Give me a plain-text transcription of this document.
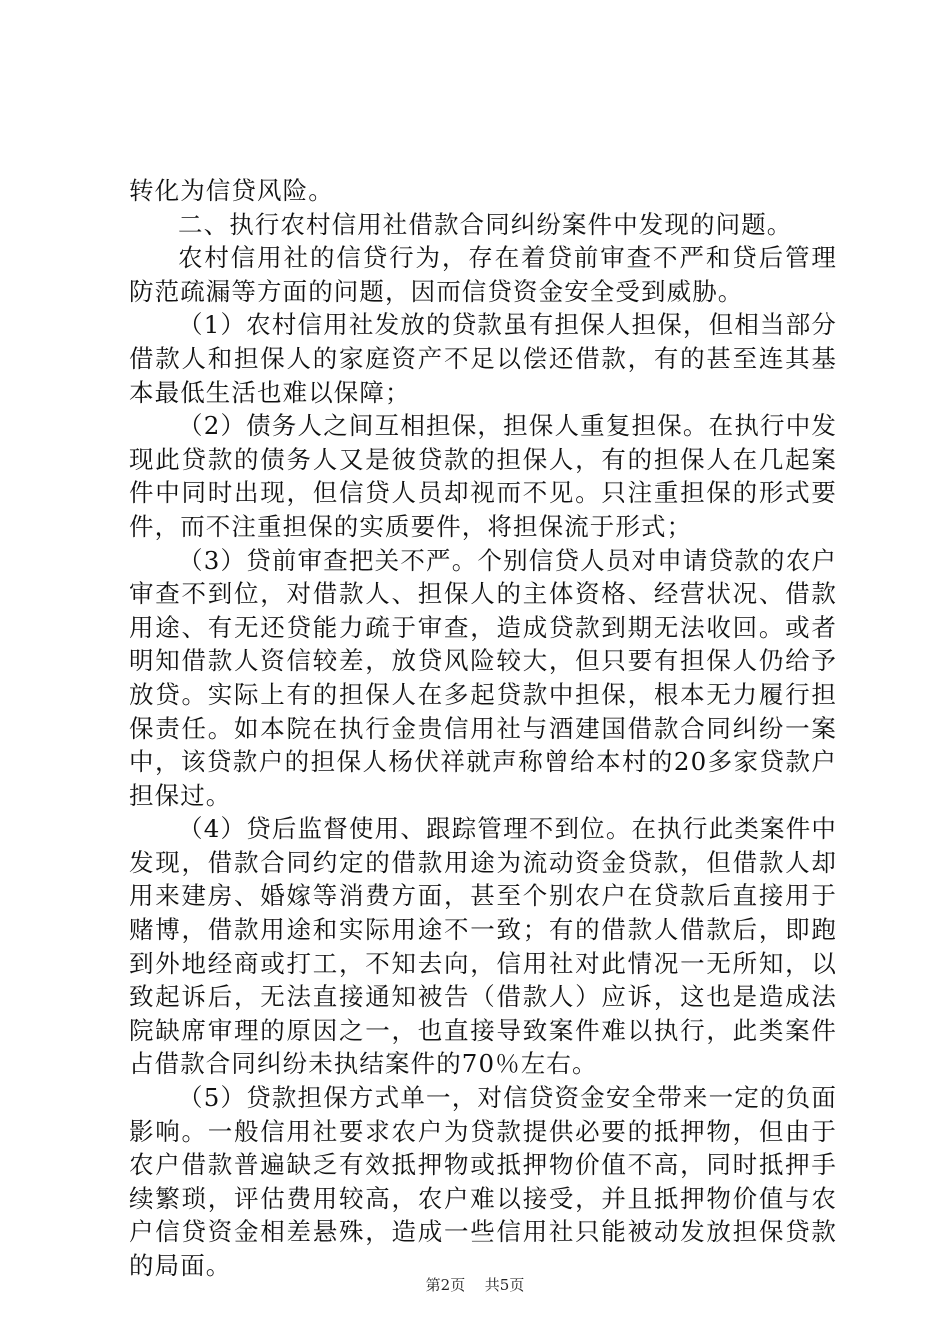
转化为信贷风险。

二、执行农村信用社借款合同纠纷案件中发现的问题。

农村信用社的信贷行为，存在着贷前审查不严和贷后管理防范疏漏等方面的问题，因而信贷资金安全受到威胁。

（1）农村信用社发放的贷款虽有担保人担保，但相当部分借款人和担保人的家庭资产不足以偿还借款，有的甚至连其基本最低生活也难以保障；

（2）债务人之间互相担保，担保人重复担保。在执行中发现此贷款的债务人又是彼贷款的担保人，有的担保人在几起案件中同时出现，但信贷人员却视而不见。只注重担保的形式要件，而不注重担保的实质要件，将担保流于形式；

（3）贷前审查把关不严。个别信贷人员对申请贷款的农户审查不到位，对借款人、担保人的主体资格、经营状况、借款用途、有无还贷能力疏于审查，造成贷款到期无法收回。或者明知借款人资信较差，放贷风险较大，但只要有担保人仍给予放贷。实际上有的担保人在多起贷款中担保，根本无力履行担保责任。如本院在执行金贵信用社与酒建国借款合同纠纷一案中，该贷款户的担保人杨伏祥就声称曾给本村的20多家贷款户担保过。

（4）贷后监督使用、跟踪管理不到位。在执行此类案件中发现，借款合同约定的借款用途为流动资金贷款，但借款人却用来建房、婚嫁等消费方面，甚至个别农户在贷款后直接用于赌博，借款用途和实际用途不一致；有的借款人借款后，即跑到外地经商或打工，不知去向，信用社对此情况一无所知，以致起诉后，无法直接通知被告（借款人）应诉，这也是造成法院缺席审理的原因之一，也直接导致案件难以执行，此类案件占借款合同纠纷未执结案件的70％左右。

（5）贷款担保方式单一，对信贷资金安全带来一定的负面影响。一般信用社要求农户为贷款提供必要的抵押物，但由于农户借款普遍缺乏有效抵押物或抵押物价值不高，同时抵押手续繁琐，评估费用较高，农户难以接受，并且抵押物价值与农户信贷资金相差悬殊，造成一些信用社只能被动发放担保贷款的局面。

第2页 共5页
